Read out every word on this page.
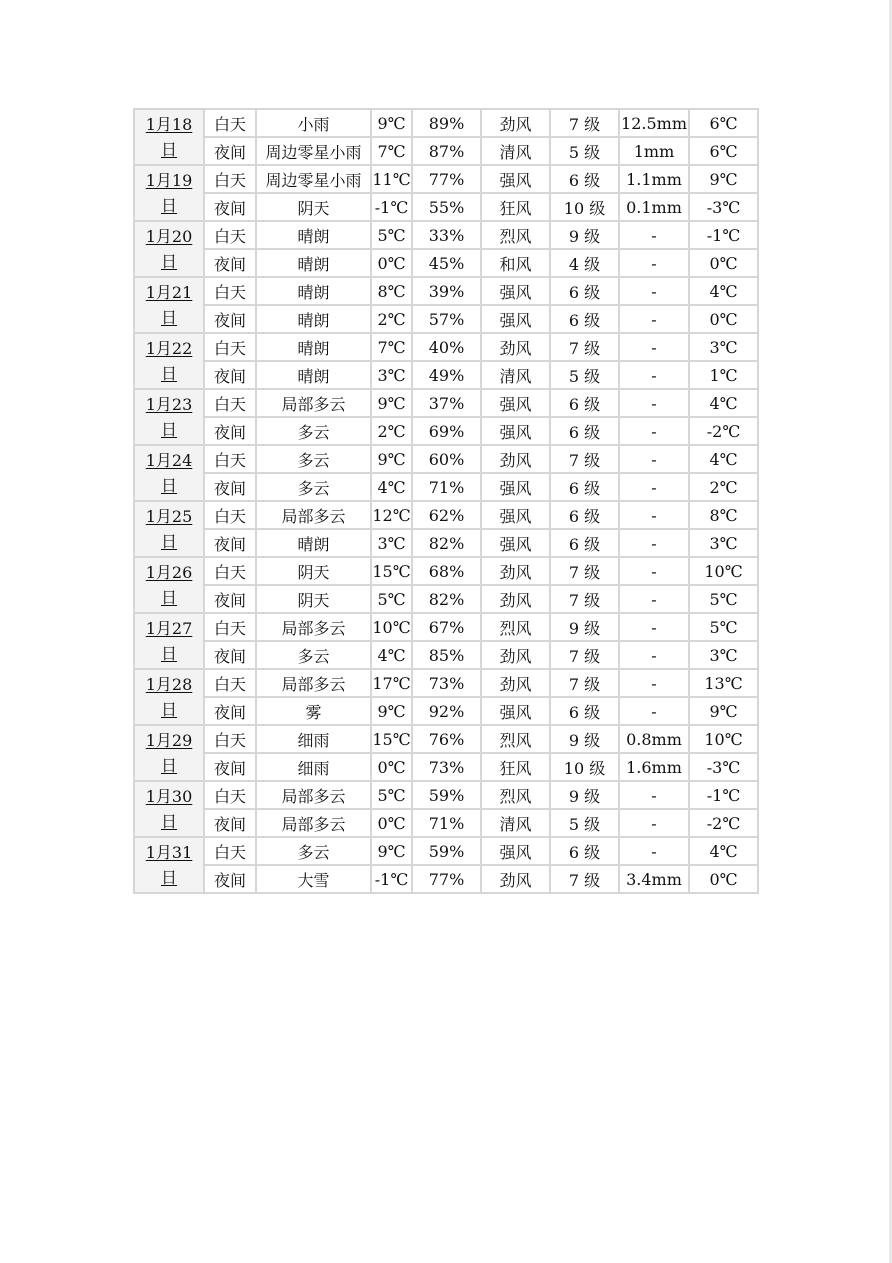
1月18
日	白天	小雨	9℃	89%	劲风	7 级	12.5mm	6℃
	夜间	周边零星小雨	7℃	87%	清风	5 级	1mm	6℃
1月19
日	白天	周边零星小雨	11℃	77%	强风	6 级	1.1mm	9℃
	夜间	阴天	-1℃	55%	狂风	10 级	0.1mm	-3℃
1月20
日	白天	晴朗	5℃	33%	烈风	9 级	-	-1℃
	夜间	晴朗	0℃	45%	和风	4 级	-	0℃
1月21
日	白天	晴朗	8℃	39%	强风	6 级	-	4℃
	夜间	晴朗	2℃	57%	强风	6 级	-	0℃
1月22
日	白天	晴朗	7℃	40%	劲风	7 级	-	3℃
	夜间	晴朗	3℃	49%	清风	5 级	-	1℃
1月23
日	白天	局部多云	9℃	37%	强风	6 级	-	4℃
	夜间	多云	2℃	69%	强风	6 级	-	-2℃
1月24
日	白天	多云	9℃	60%	劲风	7 级	-	4℃
	夜间	多云	4℃	71%	强风	6 级	-	2℃
1月25
日	白天	局部多云	12℃	62%	强风	6 级	-	8℃
	夜间	晴朗	3℃	82%	强风	6 级	-	3℃
1月26
日	白天	阴天	15℃	68%	劲风	7 级	-	10℃
	夜间	阴天	5℃	82%	劲风	7 级	-	5℃
1月27
日	白天	局部多云	10℃	67%	烈风	9 级	-	5℃
	夜间	多云	4℃	85%	劲风	7 级	-	3℃
1月28
日	白天	局部多云	17℃	73%	劲风	7 级	-	13℃
	夜间	雾	9℃	92%	强风	6 级	-	9℃
1月29
日	白天	细雨	15℃	76%	烈风	9 级	0.8mm	10℃
	夜间	细雨	0℃	73%	狂风	10 级	1.6mm	-3℃
1月30
日	白天	局部多云	5℃	59%	烈风	9 级	-	-1℃
	夜间	局部多云	0℃	71%	清风	5 级	-	-2℃
1月31
日	白天	多云	9℃	59%	强风	6 级	-	4℃
	夜间	大雪	-1℃	77%	劲风	7 级	3.4mm	0℃
